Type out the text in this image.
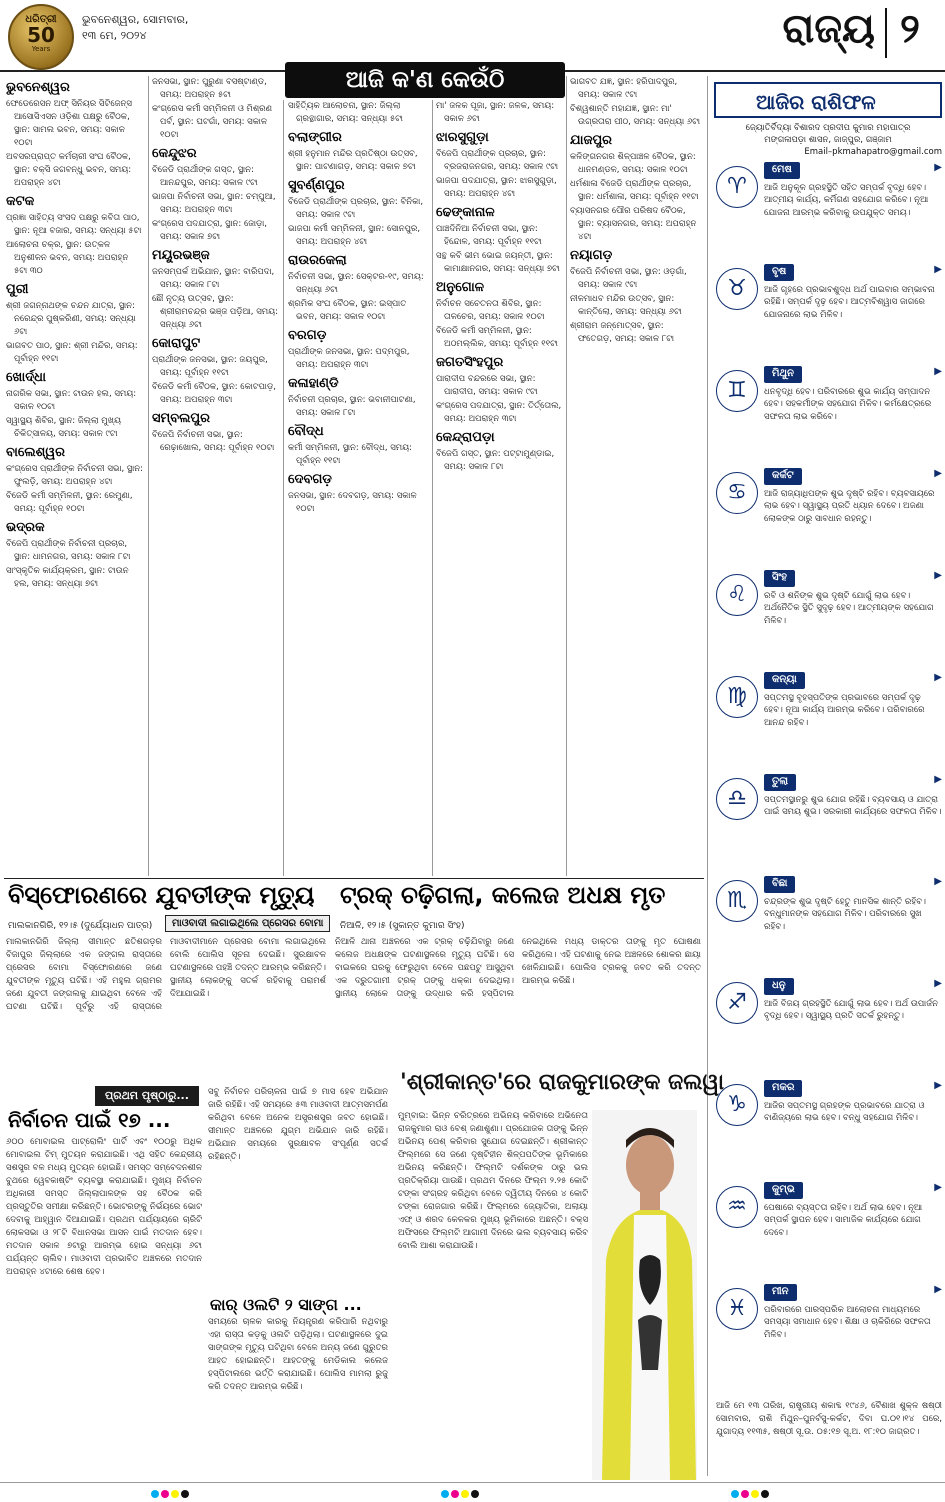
ଧରିତ୍ରୀ
50
Years
ଭୁବନେଶ୍ୱର, ସୋମବାର,
୧୩ ମେ, ୨୦୨୪	ରାଜ୍ୟ ୨
ଆଜି କ'ଣ କେଉଁଠି
ଭୁବନେଶ୍ୱର
ଫେଡେରେସନ ଅଫ୍ ସିନିୟର ସିଟିଜେନ୍ସ ଆସୋସିଏସନ ଓଡ଼ିଶା ପକ୍ଷରୁ ବୈଠକ, ସ୍ଥାନ: ସାମଲ ଭବନ, ସମୟ: ସକାଳ ୧୦ଟା
ଅବସରପ୍ରାପ୍ତ କର୍ମଚାରୀ ସଂଘ ବୈଠକ, ସ୍ଥାନ: ବକ୍ସି ଜଗବନ୍ଧୁ ଭବନ, ସମୟ: ଅପରାହ୍ନ ୪ଟା
କଟକ
ପ୍ରଜ୍ଞା ସାହିତ୍ୟ ସଂସଦ ପକ୍ଷରୁ କବିତା ପାଠ, ସ୍ଥାନ: ନୂଆ ବଜାର, ସମୟ: ସନ୍ଧ୍ୟା ୫ଟା
ଆଲୋଚନା ଚକ୍ର, ସ୍ଥାନ: ଉତ୍କଳ ଅନୁଶୀଳନ ଭବନ, ସମୟ: ଅପରାହ୍ନ ୫ଟା ୩୦
ପୁରୀ
ଶ୍ରୀ ଜଗନ୍ନାଥଙ୍କ ଚନ୍ଦନ ଯାତ୍ରା, ସ୍ଥାନ: ନରେନ୍ଦ୍ର ପୁଷ୍କରିଣୀ, ସମୟ: ସନ୍ଧ୍ୟା ୬ଟା
ଭାଗବତ ପାଠ, ସ୍ଥାନ: ଶ୍ରୀ ମନ୍ଦିର, ସମୟ: ପୂର୍ବାହ୍ନ ୧୧ଟା
ଖୋର୍ଦ୍ଧା
ନାଗରିକ ସଭା, ସ୍ଥାନ: ଟାଉନ ହଲ, ସମୟ: ସକାଳ ୧୦ଟା
ସ୍ୱାସ୍ଥ୍ୟ ଶିବିର, ସ୍ଥାନ: ଜିଲ୍ଲା ମୁଖ୍ୟ ଚିକିତ୍ସାଳୟ, ସମୟ: ସକାଳ ୯ଟା
ବାଲେଶ୍ୱର
କଂଗ୍ରେସ ପ୍ରାର୍ଥୀଙ୍କ ନିର୍ବାଚନୀ ସଭା, ସ୍ଥାନ: ଫୁଲଡ଼ି, ସମୟ: ଅପରାହ୍ନ ୪ଟା
ବିଜେଡି କର୍ମୀ ସମ୍ମିଳନୀ, ସ୍ଥାନ: ରେମୁଣା, ସମୟ: ପୂର୍ବାହ୍ନ ୧୦ଟା
ଭଦ୍ରକ
ବିଜେପି ପ୍ରାର୍ଥୀଙ୍କ ନିର୍ବାଚନୀ ପ୍ରଚାର, ସ୍ଥାନ: ଧାମନଗର, ସମୟ: ସକାଳ ୮ଟା
ସାଂସ୍କୃତିକ କାର୍ଯ୍ୟକ୍ରମ, ସ୍ଥାନ: ଟାଉନ ହଲ, ସମୟ: ସନ୍ଧ୍ୟା ୭ଟା
ଜନସଭା, ସ୍ଥାନ: ପୁରୁଣା ବସଷ୍ଟାଣ୍ଡ, ସମୟ: ଅପରାହ୍ନ ୫ଟା
କଂଗ୍ରେସ କର୍ମୀ ସମ୍ମିଳନୀ ଓ ମିଶ୍ରଣ ପର୍ବ, ସ୍ଥାନ: ଘଟଗାଁ, ସମୟ: ସକାଳ ୧୦ଟା
କେନ୍ଦୁଝର
ବିଜେଡି ପ୍ରାର୍ଥୀଙ୍କ ଗସ୍ତ, ସ୍ଥାନ: ଆନନ୍ଦପୁର, ସମୟ: ସକାଳ ୯ଟା
ଭାଜପା ନିର୍ବାଚନୀ ସଭା, ସ୍ଥାନ: ଚମ୍ପୁଆ, ସମୟ: ଅପରାହ୍ନ ୩ଟା
କଂଗ୍ରେସ ପଦଯାତ୍ରା, ସ୍ଥାନ: ଜୋଡ଼ା, ସମୟ: ସକାଳ ୭ଟା
ମୟୂରଭଞ୍ଜ
ଜନସମ୍ପର୍କ ଅଭିଯାନ, ସ୍ଥାନ: ବାରିପଦା, ସମୟ: ସକାଳ ୮ଟା
ଛୌ ନୃତ୍ୟ ଉତ୍ସବ, ସ୍ଥାନ: ଶ୍ରୀରାମଚନ୍ଦ୍ର ଭଞ୍ଜ ପଡ଼ିଆ, ସମୟ: ସନ୍ଧ୍ୟା ୬ଟା
କୋରାପୁଟ
ପ୍ରାର୍ଥୀଙ୍କ ଜନସଭା, ସ୍ଥାନ: ଜୟପୁର, ସମୟ: ପୂର୍ବାହ୍ନ ୧୧ଟା
ବିଜେଡି କର୍ମୀ ବୈଠକ, ସ୍ଥାନ: କୋଟପାଡ଼, ସମୟ: ଅପରାହ୍ନ ୩ଟା
ସମ୍ବଲପୁର
ବିଜେପି ନିର୍ବାଚନୀ ସଭା, ସ୍ଥାନ: ରେଢ଼ାଖୋଲ, ସମୟ: ପୂର୍ବାହ୍ନ ୧୦ଟା
ସାହିତ୍ୟିକ ଆଲୋଚନା, ସ୍ଥାନ: ଜିଲ୍ଲା ଗ୍ରନ୍ଥାଗାର, ସମୟ: ସନ୍ଧ୍ୟା ୫ଟା
ବଲାଙ୍ଗୀର
ଶ୍ରୀ ହନୁମାନ ମନ୍ଦିର ପ୍ରତିଷ୍ଠା ଉତ୍ସବ, ସ୍ଥାନ: ପାଟଣାଗଡ଼, ସମୟ: ସକାଳ ୭ଟା
ସୁବର୍ଣ୍ଣପୁର
ବିଜେଡି ପ୍ରାର୍ଥୀଙ୍କ ପ୍ରଚାର, ସ୍ଥାନ: ବିନିକା, ସମୟ: ସକାଳ ୯ଟା
ଭାଜପା କର୍ମୀ ସମ୍ମିଳନୀ, ସ୍ଥାନ: ସୋନପୁର, ସମୟ: ଅପରାହ୍ନ ୪ଟା
ରାଉରକେଲା
ନିର୍ବାଚନୀ ସଭା, ସ୍ଥାନ: ସେକ୍ଟର-୧୯, ସମୟ: ସନ୍ଧ୍ୟା ୬ଟା
ଶ୍ରମିକ ସଂଘ ବୈଠକ, ସ୍ଥାନ: ଇସ୍ପାତ ଭବନ, ସମୟ: ସକାଳ ୧୦ଟା
ବରଗଡ଼
ପ୍ରାର୍ଥୀଙ୍କ ଜନସଭା, ସ୍ଥାନ: ପଦ୍ମପୁର, ସମୟ: ଅପରାହ୍ନ ୩ଟା
କଳାହାଣ୍ଡି
ନିର୍ବାଚନୀ ପ୍ରଚାର, ସ୍ଥାନ: ଭବାନୀପାଟଣା, ସମୟ: ସକାଳ ୮ଟା
ବୌଦ୍ଧ
କର୍ମୀ ସମ୍ମିଳନୀ, ସ୍ଥାନ: ବୌଦ୍ଧ, ସମୟ: ପୂର୍ବାହ୍ନ ୧୧ଟା
ଦେବଗଡ଼
ଜନସଭା, ସ୍ଥାନ: ଦେବଗଡ଼, ସମୟ: ସକାଳ ୧୦ଟା
ମା' ଜଳକ ପୂଜା, ସ୍ଥାନ: ଜଳକ, ସମୟ: ସକାଳ ୬ଟା
ଝାରସୁଗୁଡ଼ା
ବିଜେପି ପ୍ରାର୍ଥୀଙ୍କ ପ୍ରଚାର, ସ୍ଥାନ: ବ୍ରଜରାଜନଗର, ସମୟ: ସକାଳ ୯ଟା
ଭାଜପା ପଦଯାତ୍ରା, ସ୍ଥାନ: ଝାରସୁଗୁଡ଼ା, ସମୟ: ଅପରାହ୍ନ ୪ଟା
ଢେଙ୍କାନାଳ
ପାଞ୍ଚଦିନିଆ ନିର୍ବାଚନୀ ସଭା, ସ୍ଥାନ: ହିନ୍ଦୋଳ, ସମୟ: ପୂର୍ବାହ୍ନ ୧୧ଟା
ସନ୍ଥ କବି ଭୀମ ଭୋଇ ଜୟନ୍ତୀ, ସ୍ଥାନ: କାମାକ୍ଷାନଗର, ସମୟ: ସନ୍ଧ୍ୟା ୭ଟା
ଅନୁଗୋଳ
ନିର୍ବାଚନ ସଚେତନତା ଶିବିର, ସ୍ଥାନ: ତାଳଚେର, ସମୟ: ସକାଳ ୧୦ଟା
ବିଜେଡି କର୍ମୀ ସମ୍ମିଳନୀ, ସ୍ଥାନ: ଅଠମଲ୍ଲିକ, ସମୟ: ପୂର୍ବାହ୍ନ ୧୧ଟା
ଜଗତସିଂହପୁର
ପାରାଦୀପ ବନ୍ଦରରେ ସଭା, ସ୍ଥାନ: ପାରାଦୀପ, ସମୟ: ସକାଳ ୯ଟା
କଂଗ୍ରେସ ପଦଯାତ୍ରା, ସ୍ଥାନ: ତିର୍ତ୍ତୋଲ, ସମୟ: ଅପରାହ୍ନ ୩ଟା
କେନ୍ଦ୍ରାପଡ଼ା
ବିଜେପି ଗସ୍ତ, ସ୍ଥାନ: ପଟ୍ଟାମୁଣ୍ଡାଇ, ସମୟ: ସକାଳ ୮ଟା
ଭାଗବତ ଯଜ୍ଞ, ସ୍ଥାନ: ହରିପାଦପୁର, ସମୟ: ସକାଳ ୯ଟା
ବିଶ୍ୱଶାନ୍ତି ମହାଯଜ୍ଞ, ସ୍ଥାନ: ମା' ଉଗ୍ରତାରା ପୀଠ, ସମୟ: ସନ୍ଧ୍ୟା ୬ଟା
ଯାଜପୁର
କଳିଙ୍ଗନଗର ଶିଳ୍ପାଞ୍ଚଳ ବୈଠକ, ସ୍ଥାନ: ଧାନମଣ୍ଡଳ, ସମୟ: ସକାଳ ୧୦ଟା
ଧର୍ମଶାଳା ବିଜେଡି ପ୍ରାର୍ଥୀଙ୍କ ପ୍ରଚାର, ସ୍ଥାନ: ଧର୍ମଶାଳା, ସମୟ: ପୂର୍ବାହ୍ନ ୧୧ଟା
ବ୍ୟାସନଗର ପୌର ପରିଷଦ ବୈଠକ, ସ୍ଥାନ: ବ୍ୟାସନଗର, ସମୟ: ଅପରାହ୍ନ ୪ଟା
ନୟାଗଡ଼
ବିଜେପି ନିର୍ବାଚନୀ ସଭା, ସ୍ଥାନ: ଓଡ଼ଗାଁ, ସମୟ: ସକାଳ ୯ଟା
ନୀଳମାଧବ ମନ୍ଦିର ଉତ୍ସବ, ସ୍ଥାନ: କାନ୍ତିଲୋ, ସମୟ: ସନ୍ଧ୍ୟା ୬ଟା
ଶ୍ରୀରାମ ଜନ୍ମୋତ୍ସବ, ସ୍ଥାନ: ଫତେଗଡ଼, ସମୟ: ସକାଳ ୮ଟା
ଆଜିର ରାଶିଫଳ
ଜ୍ୟୋତିର୍ବିଦ୍ୟା ବିଶାରଦ ପ୍ରଦୀପ କୁମାର ମହାପାତ୍ର
ମଙ୍ଗଳାପଡ଼ା ଶାସନ, ଜାଜ୍ପୁର, ଗଞ୍ଜାମ
Email–pkmahapatro@gmail.com
ମେଷ	▶
♈	ଆଜି ଅନୁକୂଳ ଗ୍ରହସ୍ଥିତି ସହିତ ସମ୍ପର୍କ ବୃଦ୍ଧି ହେବ। ଆତ୍ମୀୟ କାର୍ଯ୍ୟ, କର୍ମିଗଣ ସହଯୋଗ କରିବେ। ନୂଆ ଯୋଜନା ଆରମ୍ଭ କରିବାକୁ ଉପଯୁକ୍ତ ସମୟ।
ବୃଷ	▶
♉	ଆଜି ଗୃହରେ ପ୍ରଭାବଶୁଦ୍ଧ ଅର୍ଥ ପାଇବାର ସମ୍ଭାବନା ରହିଛି। ସମ୍ପର୍କ ଦୃଢ଼ ହେବ। ଆତ୍ମବିଶ୍ୱାସ ଜାଗରେ ଯୋଜନାରେ ଲାଭ ମିଳିବ।
ମିଥୁନ	▶
♊	ଧନବୃଦ୍ଧି ହେବ। ପରିବାରରେ ଶୁଭ କାର୍ଯ୍ୟ ସମ୍ପାଦନ ହେବ। ସହକର୍ମୀଙ୍କ ସହଯୋଗ ମିଳିବ। କର୍ମକ୍ଷେତ୍ରରେ ସଫଳତା ଲାଭ କରିବେ।
କର୍କଟ	▶
♋	ଆଜି ରାଜ୍ୟାଧିପଙ୍କ ଶୁଭ ଦୃଷ୍ଟି ରହିବ। ବ୍ୟବସାୟରେ ଲାଭ ହେବ। ସ୍ୱାସ୍ଥ୍ୟ ପ୍ରତି ଧ୍ୟାନ ଦେବେ। ଅଜଣା ଲୋକଙ୍କ ଠାରୁ ସାବଧାନ ରହନ୍ତୁ।
ସିଂହ	▶
♌	ରବି ଓ ଶନିଙ୍କ ଶୁଭ ଦୃଷ୍ଟି ଯୋଗୁଁ ଲାଭ ହେବ। ଅର୍ଥନୈତିକ ସ୍ଥିତି ସୁଦୃଢ଼ ହେବ। ଆତ୍ମୀୟଙ୍କ ସହଯୋଗ ମିଳିବ।
କନ୍ୟା	▶
♍	ସପ୍ତମସ୍ଥ ବୃହସ୍ପତିଙ୍କ ପ୍ରଭାବରେ ସମ୍ପର୍କ ଦୃଢ଼ ହେବ। ନୂଆ କାର୍ଯ୍ୟ ଆରମ୍ଭ କରିବେ। ପରିବାରରେ ଆନନ୍ଦ ରହିବ।
ତୁଲା	▶
♎	ସପ୍ତମସ୍ଥାନରୁ ଶୁଭ ଯୋଗ ରହିଛି। ବ୍ୟବସାୟ ଓ ଯାତ୍ରା ପାଇଁ ସମୟ ଶୁଭ। ସରକାରୀ କାର୍ଯ୍ୟରେ ସଫଳତା ମିଳିବ।
ବିଛା	▶
♏	ଚନ୍ଦ୍ରଙ୍କ ଶୁଭ ଦୃଷ୍ଟି ହେତୁ ମାନସିକ ଶାନ୍ତି ରହିବ। ବନ୍ଧୁମାନଙ୍କ ସହଯୋଗ ମିଳିବ। ପରିବାରରେ ସୁଖ ରହିବ।
ଧନୁ	▶
♐	ଆଜି ବିଜୟ ଗ୍ରହସ୍ଥିତି ଯୋଗୁଁ ଲାଭ ହେବ। ଅର୍ଥ ଉପାର୍ଜନ ବୃଦ୍ଧି ହେବ। ସ୍ୱାସ୍ଥ୍ୟ ପ୍ରତି ସତର୍କ ରୁହନ୍ତୁ।
ମକର	▶
♑	ଆଜିର ସପ୍ତମସ୍ଥ ଗ୍ରହଙ୍କ ପ୍ରଭାବରେ ଯାତ୍ରା ଓ ବାଣିଜ୍ୟରେ ଲାଭ ହେବ। ବନ୍ଧୁ ସହଯୋଗ ମିଳିବ।
କୁମ୍ଭ	▶
♒	ପେଷାରେ ବ୍ୟସ୍ତତା ରହିବ। ଅର୍ଥ ଲାଭ ହେବ। ନୂଆ ସମ୍ପର୍କ ସ୍ଥାପନ ହେବ। ସାମାଜିକ କାର୍ଯ୍ୟରେ ଯୋଗ ଦେବେ।
ମୀନ	▶
♓	ପରିବାରରେ ପାରସ୍ପରିକ ଆଲୋଚନା ମାଧ୍ୟମରେ ସମସ୍ୟା ସମାଧାନ ହେବ। ଶିକ୍ଷା ଓ ଚାକିରିରେ ସଫଳତା ମିଳିବ।
ଆଜି ମେ ୧୩ ତାରିଖ, ରାଷ୍ଟ୍ରୀୟ ଶକାବ୍ଦ ୧୯୪୬, ବୈଶାଖ ଶୁକ୍ଳ ଷଷ୍ଠୀ ସୋମବାର, ରାଶି ମିଥୁନ–ପୁନର୍ବସୁ-କର୍କଟ, ଦିବା ଘ.୦୧।୧୪ ପରେ, ଯୁଗାଦ୍ୟ ୧୧୩୫, ଷଷ୍ଠୀ ସୂ.ଉ. ୦୫:୧୭ ସୂ.ଅ. ୧୮:୧୦ ଜାଗ୍ରତ।
ବିସ୍ଫୋରଣରେ ଯୁବତୀଙ୍କ ମୃତ୍ୟୁ ଟ୍ରକ୍ ଚଢ଼ିଗଲା, କଲେଜ ଅଧକ୍ଷ ମୃତ
ମାଲକାନଗିରି, ୧୨।୫ (ଦୁର୍ଯ୍ୟୋଧନ ପାତ୍ର)	ମାଓବାଦୀ ଲଗାଇଥିଲେ ପ୍ରେସର ବୋମା	ନିଆଳି, ୧୨।୫ (ସୁକାନ୍ତ କୁମାର ସିଂହ)
ମାଲକାନଗିରି ଜିଲ୍ଲା ସୀମାନ୍ତ ଛତିଶଗଡ଼ର ବିଜାପୁର ଜିଲ୍ଲାରେ ଏକ ଜଙ୍ଗଲ ରାସ୍ତାରେ ପ୍ରେସର ବୋମା ବିସ୍ଫୋରଣରେ ଜଣେ ଯୁବତୀଙ୍କ ମୃତ୍ୟୁ ଘଟିଛି। ଏହି ମହୁଲ ଗ୍ରାମର ଜଣେ ଯୁବତୀ ଜଙ୍ଗଲକୁ ଯାଇଥିବା ବେଳେ ଏହି ଘଟଣା ଘଟିଛି। ପୂର୍ବରୁ ଏହି ରାସ୍ତାରେ ମାଓବାଦୀମାନେ ପ୍ରେସର ବୋମା ଲଗାଇଥିଲେ ବୋଲି ପୋଲିସ ସୂଚନା ଦେଇଛି। ସୁରକ୍ଷାବଳ ଘଟଣାସ୍ଥଳରେ ପହଞ୍ଚି ତଦନ୍ତ ଆରମ୍ଭ କରିଛନ୍ତି। ସ୍ଥାନୀୟ ଲୋକଙ୍କୁ ସତର୍କ ରହିବାକୁ ପରାମର୍ଶ ଦିଆଯାଇଛି।
ନିଆଳି ଥାନା ଅଞ୍ଚଳରେ ଏକ ଟ୍ରକ୍ ଚଢ଼ିଯିବାରୁ ଜଣେ କଲେଜ ଅଧକ୍ଷଙ୍କ ଘଟଣାସ୍ଥଳରେ ମୃତ୍ୟୁ ଘଟିଛି। ସେ ବାଇକରେ ଘରକୁ ଫେରୁଥିବା ବେଳେ ପଛପଟୁ ଆସୁଥିବା ଏକ ଦ୍ରୁତଗାମୀ ଟ୍ରକ୍ ତାଙ୍କୁ ଧକ୍କା ଦେଇଥିଲା। ସ୍ଥାନୀୟ ଲୋକେ ତାଙ୍କୁ ଉଦ୍ଧାର କରି ହସ୍ପିଟାଲ ନେଇଥିଲେ ମଧ୍ୟ ଡାକ୍ତର ତାଙ୍କୁ ମୃତ ଘୋଷଣା କରିଥିଲେ। ଏହି ଘଟଣାକୁ ନେଇ ଅଞ୍ଚଳରେ ଶୋକର ଛାୟା ଖେଳିଯାଇଛି। ପୋଲିସ ଟ୍ରକକୁ ଜବତ କରି ତଦନ୍ତ ଆରମ୍ଭ କରିଛି।
ପ୍ରଥମ ପୃଷ୍ଠାରୁ...
ନିର୍ବାଚନ ପାଇଁ ୧୭ ...
୬୦୦ ମୋବାଇଲ ପାଟ୍ରୋଲିଂ ପାର୍ଟି ଏବଂ ୧୦୦ରୁ ଅଧିକ ମୋବାଇଲ ଟିମ୍ ମୁତୟନ କରାଯାଇଛି। ଏଥି ସହିତ କେନ୍ଦ୍ରୀୟ ସଶସ୍ତ୍ର ବଳ ମଧ୍ୟ ମୁତୟନ ହୋଇଛି। ସମସ୍ତ ସମ୍ବେଦନଶୀଳ ବୁଥରେ ୱେବକାଷ୍ଟିଂ ବ୍ୟବସ୍ଥା କରାଯାଇଛି। ମୁଖ୍ୟ ନିର୍ବାଚନ ଅଧିକାରୀ ସମସ୍ତ ଜିଲ୍ଲାପାଳଙ୍କ ସହ ବୈଠକ କରି ପ୍ରସ୍ତୁତିର ସମୀକ୍ଷା କରିଛନ୍ତି। ଭୋଟରଙ୍କୁ ନିର୍ଭୟରେ ଭୋଟ ଦେବାକୁ ଆହ୍ୱାନ ଦିଆଯାଇଛି। ପ୍ରଥମ ପର୍ଯ୍ୟାୟରେ ଚାରିଟି ଲୋକସଭା ଓ ୨୮ଟି ବିଧାନସଭା ଆସନ ପାଇଁ ମତଦାନ ହେବ। ମତଦାନ ସକାଳ ୭ଟାରୁ ଆରମ୍ଭ ହୋଇ ସନ୍ଧ୍ୟା ୬ଟା ପର୍ଯ୍ୟନ୍ତ ଚାଲିବ। ମାଓବାଦୀ ପ୍ରଭାବିତ ଅଞ୍ଚଳରେ ମତଦାନ ଅପରାହ୍ନ ୪ଟାରେ ଶେଷ ହେବ।
ସବୁ ନିର୍ବାଚନ ପରିଚାଳନା ପାଇଁ ୭ ମାସ ହେବ ଅଭିଯାନ ଜାରି ରହିଛି। ଏହି ସମୟରେ ୫୩ ମାଓବାଦୀ ଆତ୍ମସମର୍ପଣ କରିଥିବା ବେଳେ ଅନେକ ଅସ୍ତ୍ରଶସ୍ତ୍ର ଜବତ ହୋଇଛି। ସୀମାନ୍ତ ଅଞ୍ଚଳରେ ଯୁଗ୍ମ ଅଭିଯାନ ଜାରି ରହିଛି। ଅଭିଯାନ ସମୟରେ ସୁରକ୍ଷାବଳ ସଂପୂର୍ଣ୍ଣ ସତର୍କ ରହିଛନ୍ତି।
କାର୍ ଓଲଟି ୨ ସାଙ୍ଗ ...
ସମୟରେ ଚାଳକ କାରକୁ ନିୟନ୍ତ୍ରଣ କରିପାରି ନଥିବାରୁ ଏହା ରାସ୍ତା କଡ଼କୁ ଓଲଟି ପଡ଼ିଥିଲା। ଘଟଣାସ୍ଥଳରେ ଦୁଇ ସାଙ୍ଗଙ୍କ ମୃତ୍ୟୁ ଘଟିଥିବା ବେଳେ ଅନ୍ୟ ଜଣେ ଗୁରୁତର ଆହତ ହୋଇଛନ୍ତି। ଆହତଙ୍କୁ ମେଡିକାଲ କଲେଜ ହସ୍ପିଟାଲରେ ଭର୍ତ୍ତି କରାଯାଇଛି। ପୋଲିସ ମାମଲା ରୁଜୁ କରି ତଦନ୍ତ ଆରମ୍ଭ କରିଛି।
'ଶ୍ରୀକାନ୍ତ'ରେ ରାଜକୁମାରଙ୍କ ଜଲୱା
ମୁମ୍ବାଇ: ଭିନ୍ନ ଚରିତ୍ରରେ ଅଭିନୟ କରିବାରେ ଅଭିନେତା ରାଜକୁମାର ରାଓ ବେଶ୍ ଜଣାଶୁଣା। ପ୍ରଯୋଜକ ତାଙ୍କୁ ଭିନ୍ନ ଅଭିନୟ ପେଶ୍ କରିବାର ସୁଯୋଗ ଦେଇଛନ୍ତି। ଶ୍ରୀକାନ୍ତ ଫିଲ୍ମରେ ସେ ଜଣେ ଦୃଷ୍ଟିହୀନ ଶିଳ୍ପପତିଙ୍କ ଭୂମିକାରେ ଅଭିନୟ କରିଛନ୍ତି। ଫିଲ୍ମଟି ଦର୍ଶକଙ୍କ ଠାରୁ ଭଲ ପ୍ରତିକ୍ରିୟା ପାଉଛି। ପ୍ରଥମ ଦିନରେ ଫିଲ୍ମ ୨.୨୫ କୋଟି ଟଙ୍କା ସଂଗ୍ରହ କରିଥିବା ବେଳେ ଦ୍ୱିତୀୟ ଦିନରେ ୪ କୋଟି ଟଙ୍କା ରୋଜଗାର କରିଛି। ଫିଲ୍ମରେ ଜ୍ୟୋତିକା, ଅଲାୟା ଏଫ୍ ଓ ଶରଦ କେଳକର ମୁଖ୍ୟ ଭୂମିକାରେ ଅଛନ୍ତି। ବକ୍ସ ଅଫିସରେ ଫିଲ୍ମଟି ଆଗାମୀ ଦିନରେ ଭଲ ବ୍ୟବସାୟ କରିବ ବୋଲି ଆଶା କରାଯାଉଛି।
